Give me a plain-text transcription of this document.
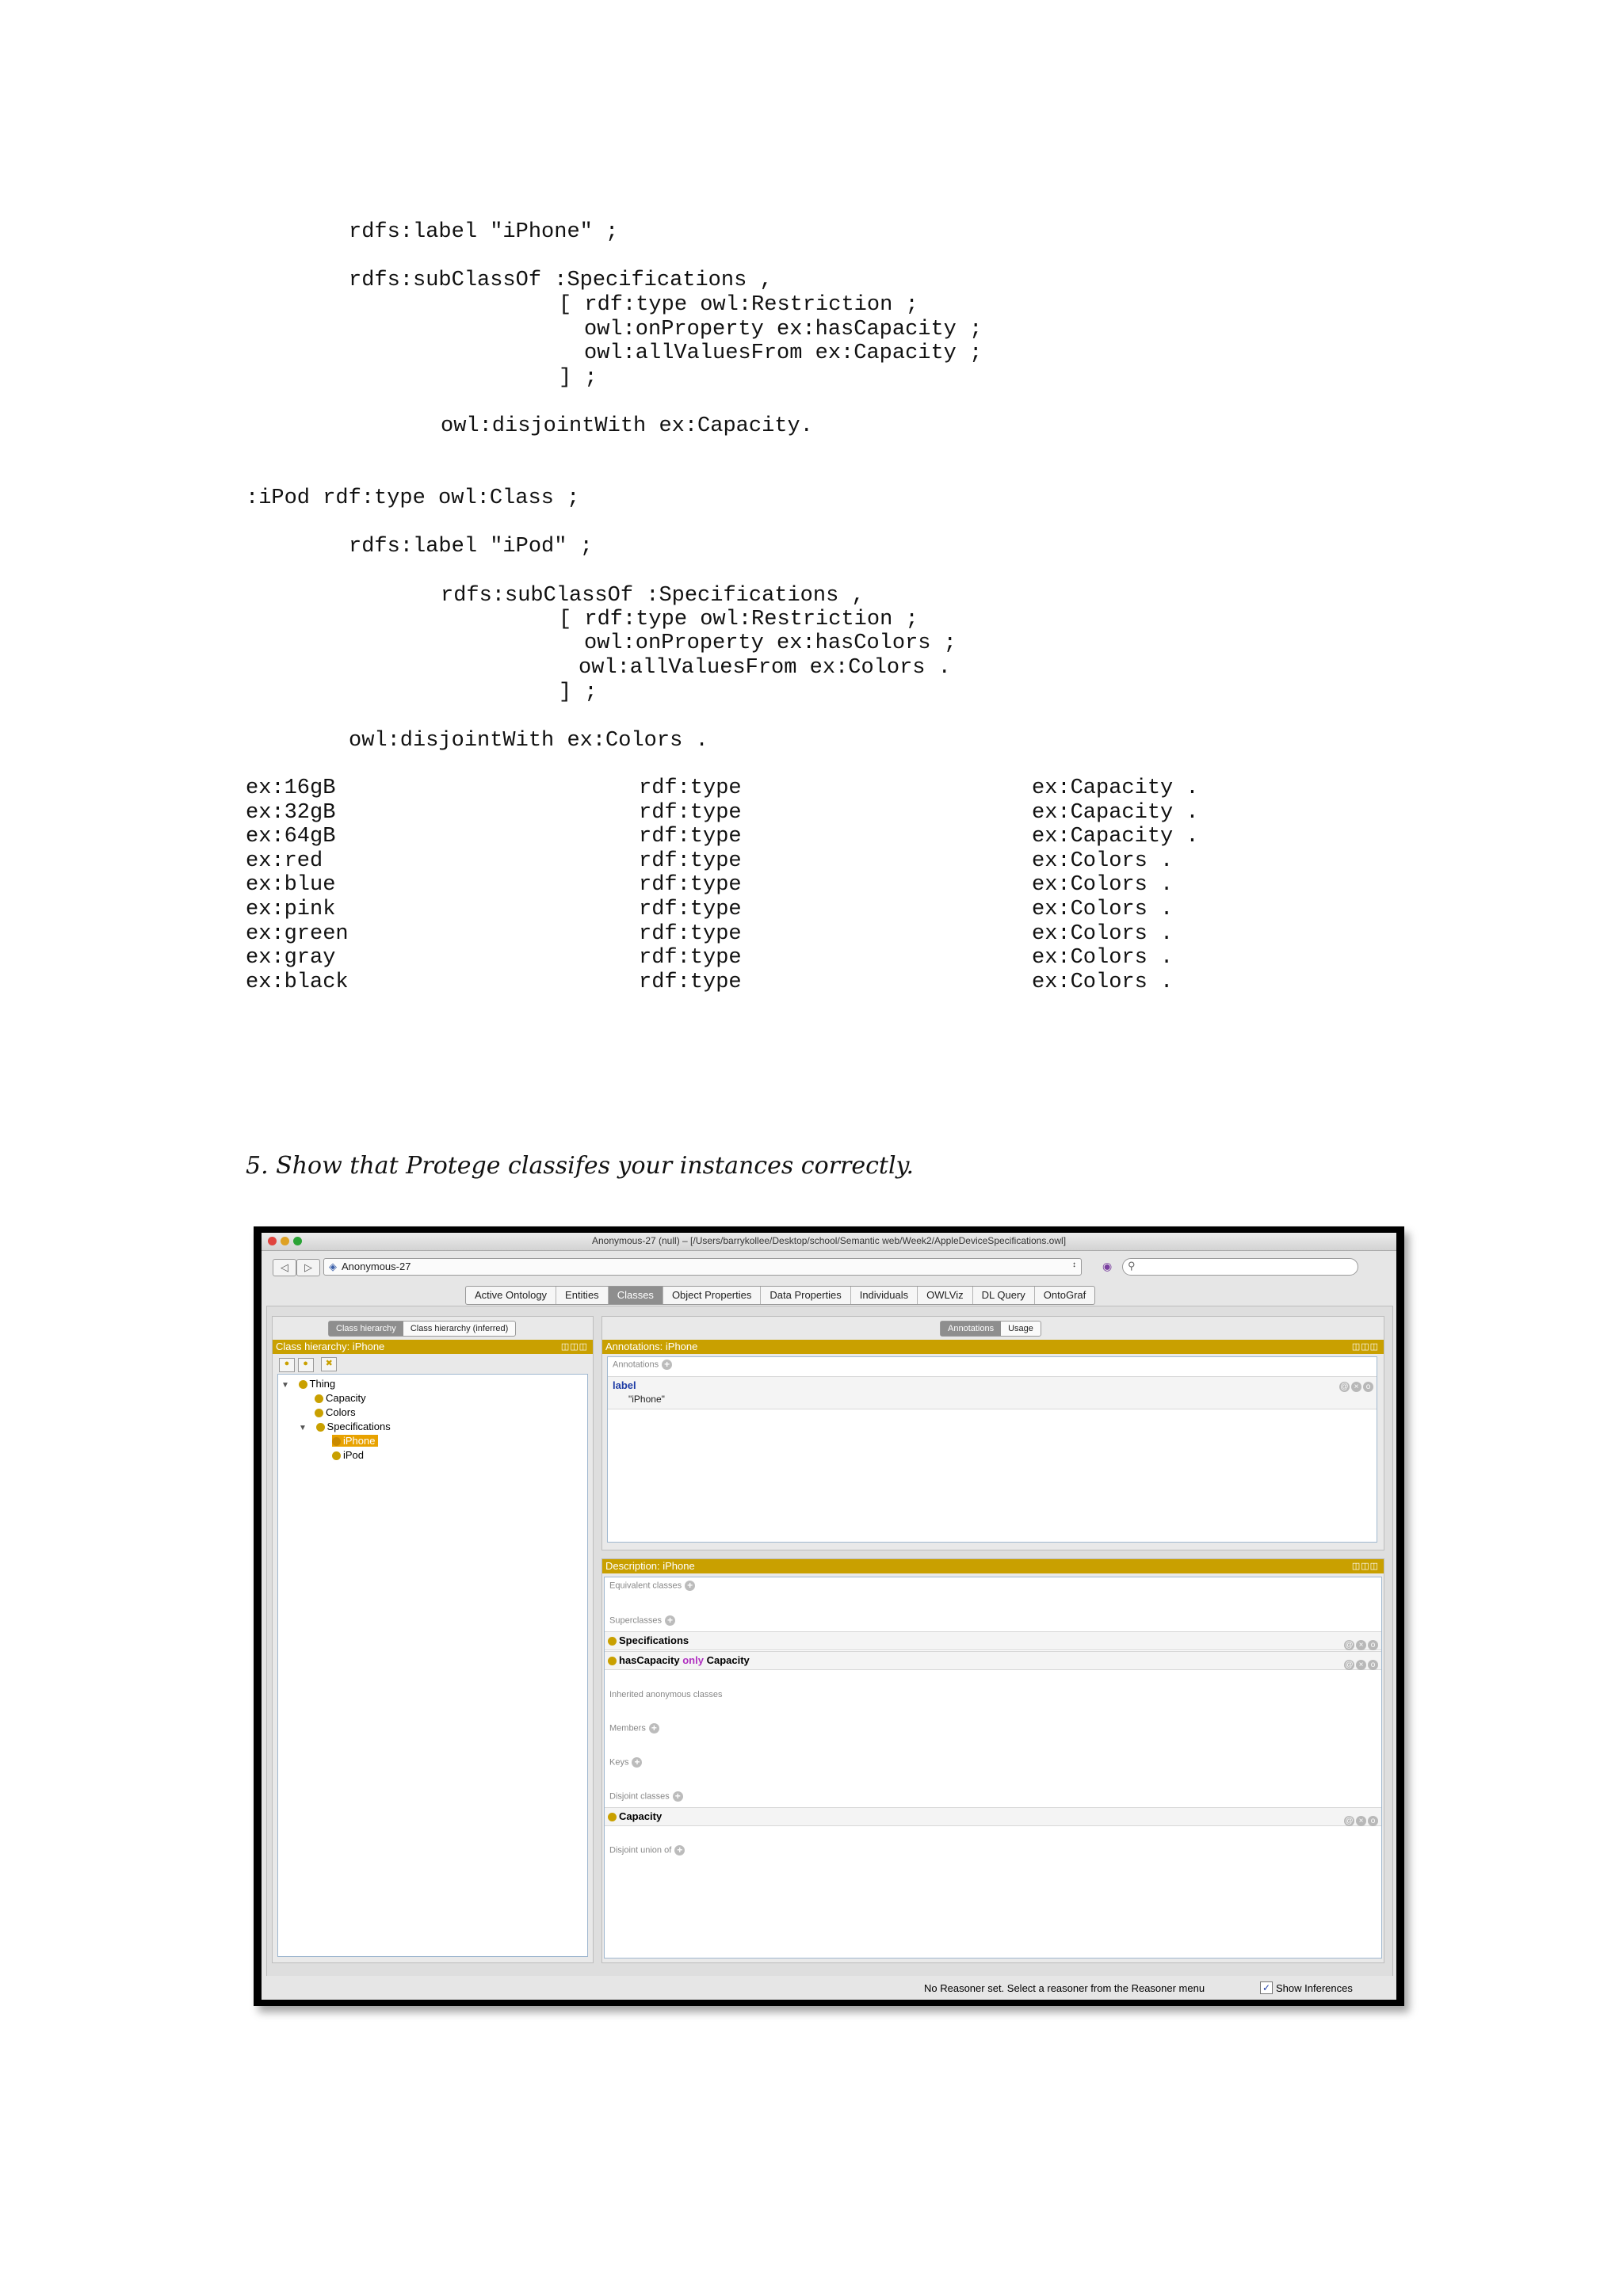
rdfs:label "iPhone" ;
rdfs:subClassOf :Specifications ,
[ rdf:type owl:Restriction ;
owl:onProperty ex:hasCapacity ;
owl:allValuesFrom ex:Capacity ;
] ;
owl:disjointWith ex:Capacity.
:iPod rdf:type owl:Class ;
rdfs:label "iPod" ;
rdfs:subClassOf :Specifications ,
[ rdf:type owl:Restriction ;
owl:onProperty ex:hasColors ;
owl:allValuesFrom ex:Colors .
] ;
owl:disjointWith ex:Colors .
ex:16gB	rdf:type	ex:Capacity .
ex:32gB	rdf:type	ex:Capacity .
ex:64gB	rdf:type	ex:Capacity .
ex:red	rdf:type	ex:Colors .
ex:blue	rdf:type	ex:Colors .
ex:pink	rdf:type	ex:Colors .
ex:green	rdf:type	ex:Colors .
ex:gray	rdf:type	ex:Colors .
ex:black	rdf:type	ex:Colors .
5. Show that Protege classifes your instances correctly.
Anonymous-27 (null) – [/Users/barrykollee/Desktop/school/Semantic web/Week2/AppleDeviceSpecifications.owl]
◁	▷	◈ Anonymous-27	↕ ◉ ⚲
Active Ontology	Entities	Classes	Object Properties	Data Properties	Individuals	OWLViz	DL Query	OntoGraf
Class hierarchy	Class hierarchy (inferred)
Class hierarchy: iPhone	◫◫◫
● ● ✖
▼ Thing
Capacity
Colors
▼ Specifications
iPhone
iPod
Annotations	Usage
Annotations: iPhone	◫◫◫
Annotations +
label
"iPhone"
@ × o
Description: iPhone	◫◫◫
Equivalent classes +
Superclasses +
Specifications	@ × o
hasCapacity only Capacity	@ × o
Inherited anonymous classes
Members +
Keys +
Disjoint classes +
Capacity	@ × o
Disjoint union of +
No Reasoner set. Select a reasoner from the Reasoner menu	✓ Show Inferences
